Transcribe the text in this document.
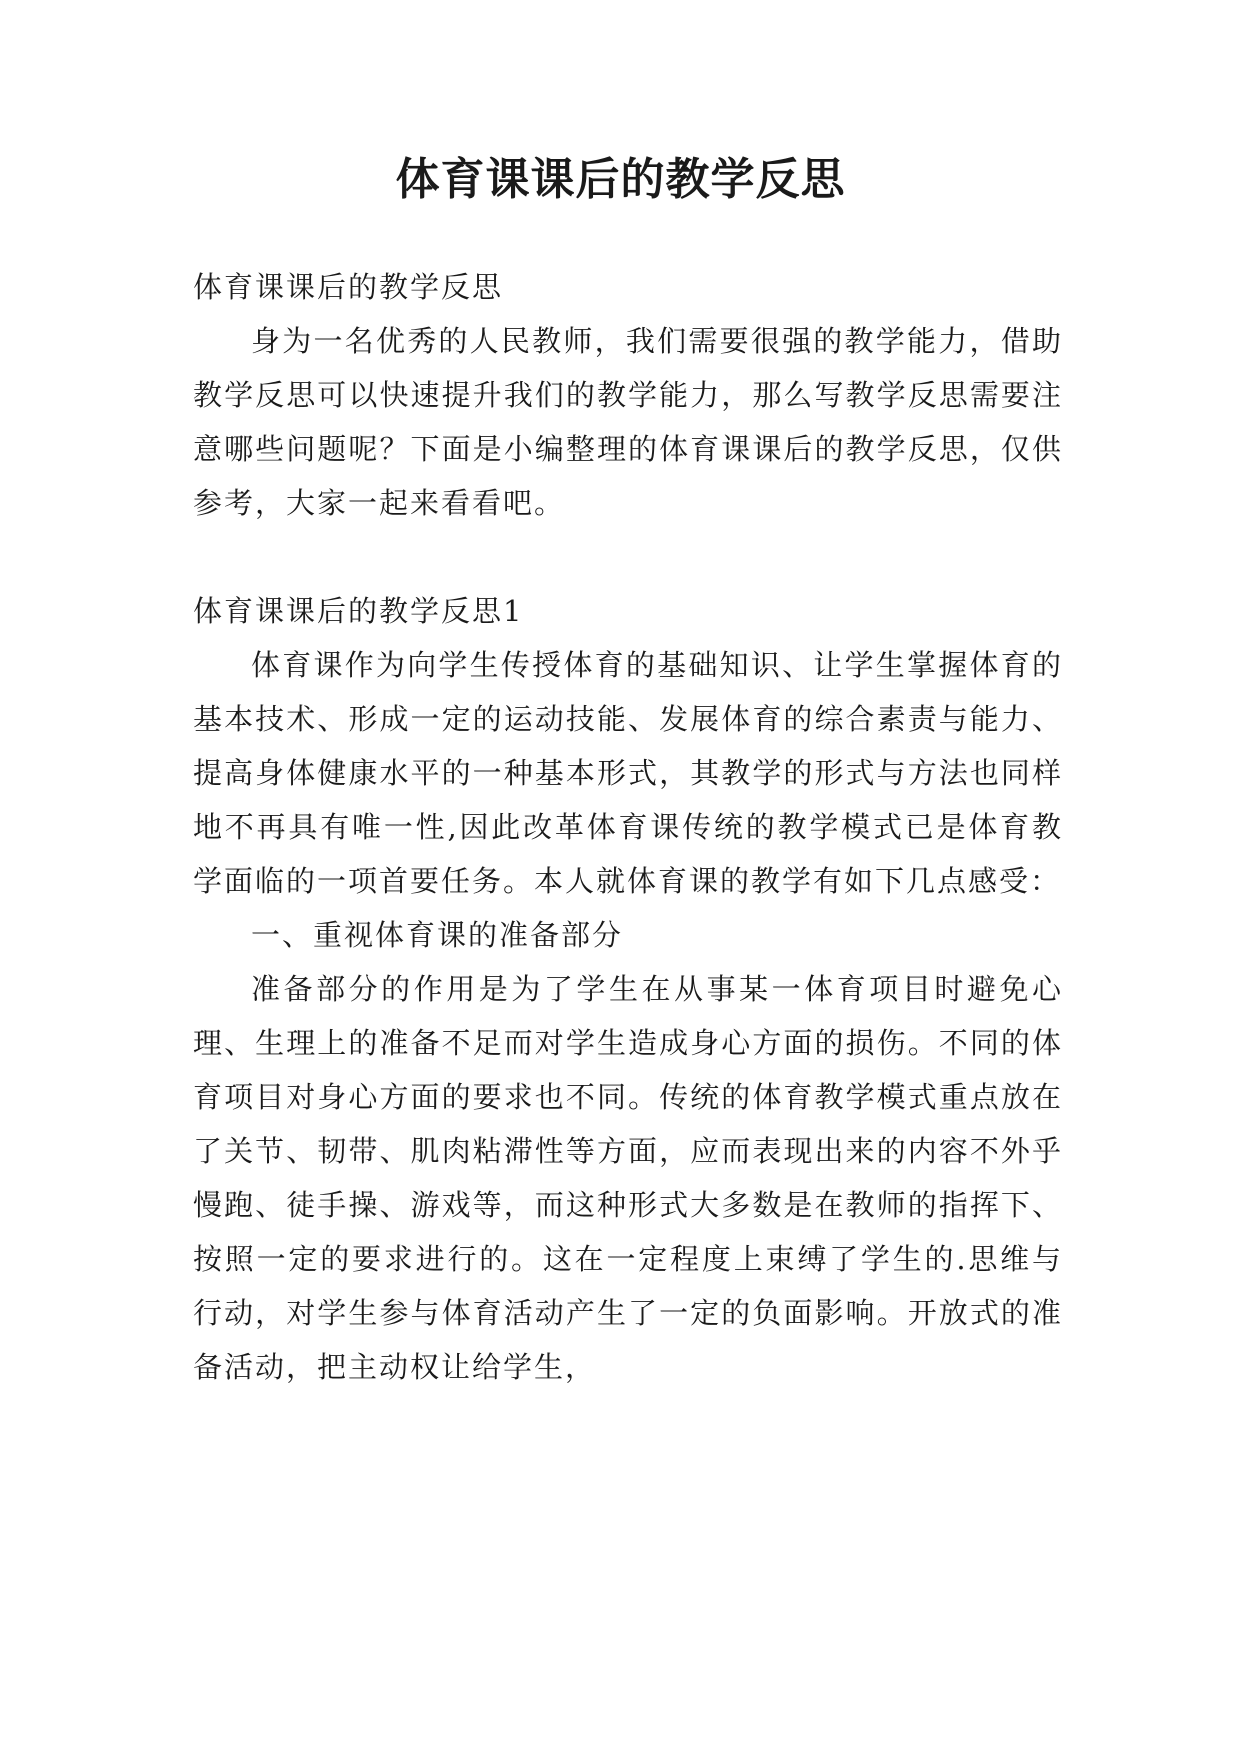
体育课课后的教学反思

体育课课后的教学反思

身为一名优秀的人民教师，我们需要很强的教学能力，借助教学反思可以快速提升我们的教学能力，那么写教学反思需要注意哪些问题呢？下面是小编整理的体育课课后的教学反思，仅供参考，大家一起来看看吧。

体育课课后的教学反思1

体育课作为向学生传授体育的基础知识、让学生掌握体育的基本技术、形成一定的运动技能、发展体育的综合素责与能力、提高身体健康水平的一种基本形式，其教学的形式与方法也同样地不再具有唯一性,因此改革体育课传统的教学模式已是体育教学面临的一项首要任务。本人就体育课的教学有如下几点感受：

一、重视体育课的准备部分

准备部分的作用是为了学生在从事某一体育项目时避免心理、生理上的准备不足而对学生造成身心方面的损伤。不同的体育项目对身心方面的要求也不同。传统的体育教学模式重点放在了关节、韧带、肌肉粘滞性等方面，应而表现出来的内容不外乎慢跑、徒手操、游戏等，而这种形式大多数是在教师的指挥下、按照一定的要求进行的。这在一定程度上束缚了学生的.思维与行动，对学生参与体育活动产生了一定的负面影响。开放式的准备活动，把主动权让给学生，
